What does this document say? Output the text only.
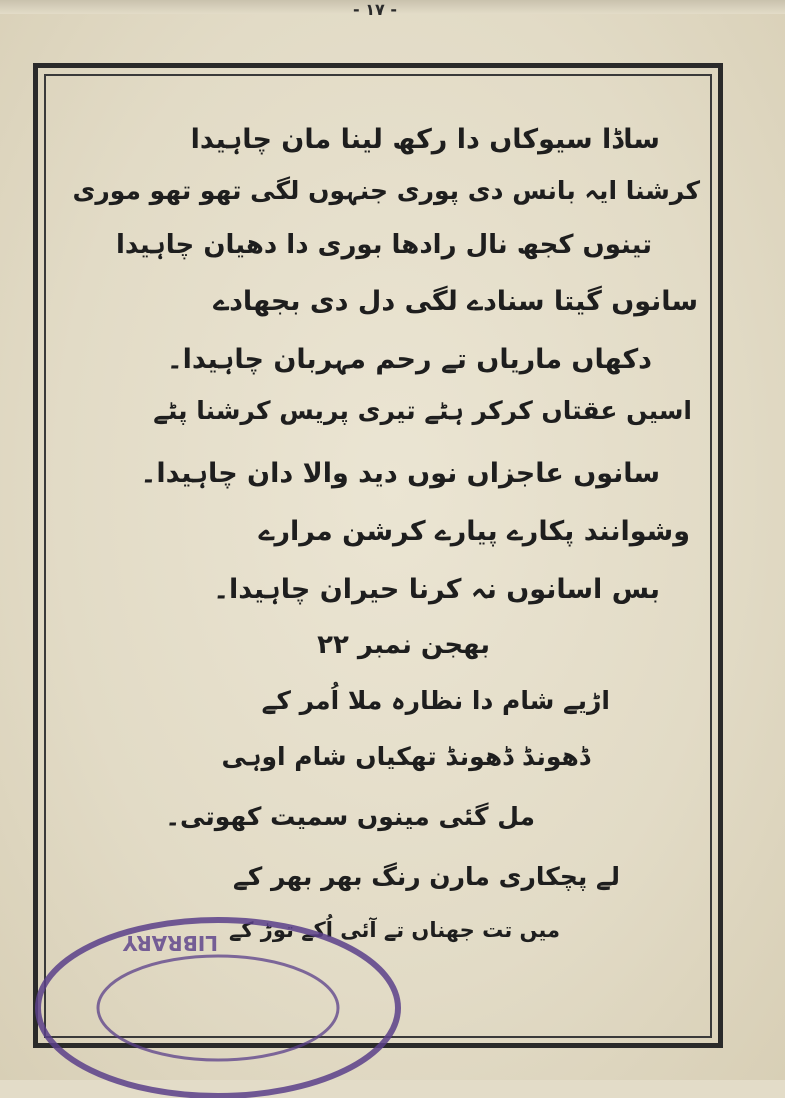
- ۱۷ -
ساڈا سیوکاں دا رکھ لینا مان چاہیدا
کرشنا ایہ بانس دی پوری جنہوں لگی تھو تھو موری
تینوں کجھ نال رادھا بوری دا دھیان چاہیدا
سانوں گیتا سنادے لگی دل دی بجھادے
دکھاں ماریاں تے رحم مہربان چاہیدا۔
اسیں عقتاں کرکر ہٹے تیری پریس کرشنا پٹے
سانوں عاجزاں نوں دید والا دان چاہیدا۔
وشوانند پکارے پیارے کرشن مرارے
بس اسانوں نہ کرنا حیران چاہیدا۔
بھجن نمبر ۲۲
اڑیے شام دا نظارہ ملا اُمر کے
ڈھونڈ ڈھونڈ تھکیاں شام اوہی
مل گئی مینوں سمیت کھوتی۔
لے پچکاری مارن رنگ بھر بھر کے
میں تت جھناں تے آئی اُکے توڑ کے
LIBRARY
